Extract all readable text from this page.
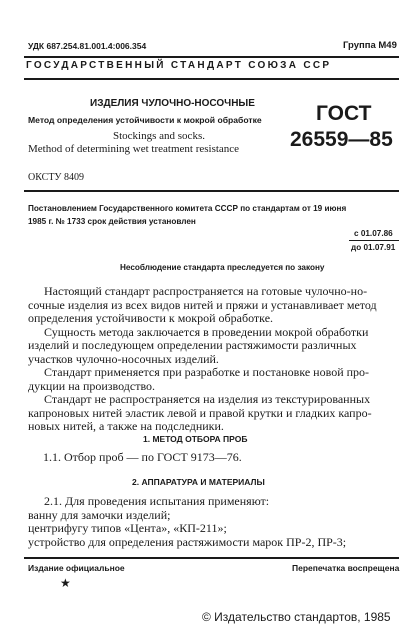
УДК 687.254.81.001.4:006.354	Группа М49
ГОСУДАРСТВЕННЫЙ СТАНДАРТ СОЮЗА ССР
ИЗДЕЛИЯ ЧУЛОЧНО-НОСОЧНЫЕ
Метод определения устойчивости к мокрой обработке
Stockings and socks.
Method of determining wet treatment resistance
ГОСТ
26559—85
ОКСТУ 8409
Постановлением Государственного комитета СССР по стандартам от 19 июня
1985 г. № 1733 срок действия установлен
с 01.07.86
до 01.07.91
Несоблюдение стандарта преследуется по закону

Настоящий стандарт распространяется на готовые чулочно-но-

сочные изделия из всех видов нитей и пряжи и устанавливает метод

определения устойчивости к мокрой обработке.

Сущность метода заключается в проведении мокрой обработки

изделий и последующем определении растяжимости различных

участков чулочно-носочных изделий.

Стандарт применяется при разработке и постановке новой про-

дукции на производство.

Стандарт не распространяется на изделия из текстурированных

капроновых нитей эластик левой и правой крутки и гладких капро-

новых нитей, а также на подследники.

1. МЕТОД ОТБОРА ПРОБ
1.1. Отбор проб — по ГОСТ 9173—76.
2. АППАРАТУРА И МАТЕРИАЛЫ

2.1. Для проведения испытания применяют:

ванну для замочки изделий;

центрифугу типов «Цента», «КП-211»;

устройство для определения растяжимости марок ПР-2, ПР-3;

Издание официальное	Перепечатка воспрещена
★
© Издательство стандартов, 1985
